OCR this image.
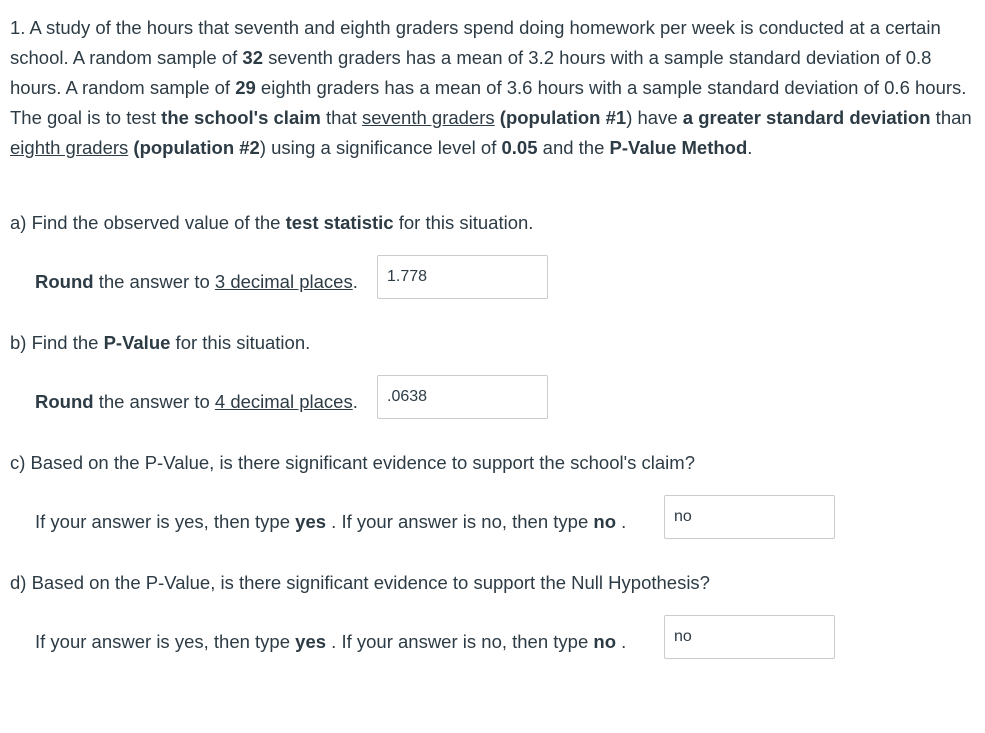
1. A study of the hours that seventh and eighth graders spend doing homework per week is conducted at a certain school. A random sample of 32 seventh graders has a mean of 3.2 hours with a sample standard deviation of 0.8 hours. A random sample of 29 eighth graders has a mean of 3.6 hours with a sample standard deviation of 0.6 hours. The goal is to test the school's claim that seventh graders (population #1) have a greater standard deviation than eighth graders (population #2) using a significance level of 0.05 and the P-Value Method.
a) Find the observed value of the test statistic for this situation.
Round the answer to 3 decimal places.	1.778
b) Find the P-Value for this situation.
Round the answer to 4 decimal places.	.0638
c) Based on the P-Value, is there significant evidence to support the school's claim?
If your answer is yes, then type yes . If your answer is no, then type no .	no
d) Based on the P-Value, is there significant evidence to support the Null Hypothesis?
If your answer is yes, then type yes . If your answer is no, then type no .	no
